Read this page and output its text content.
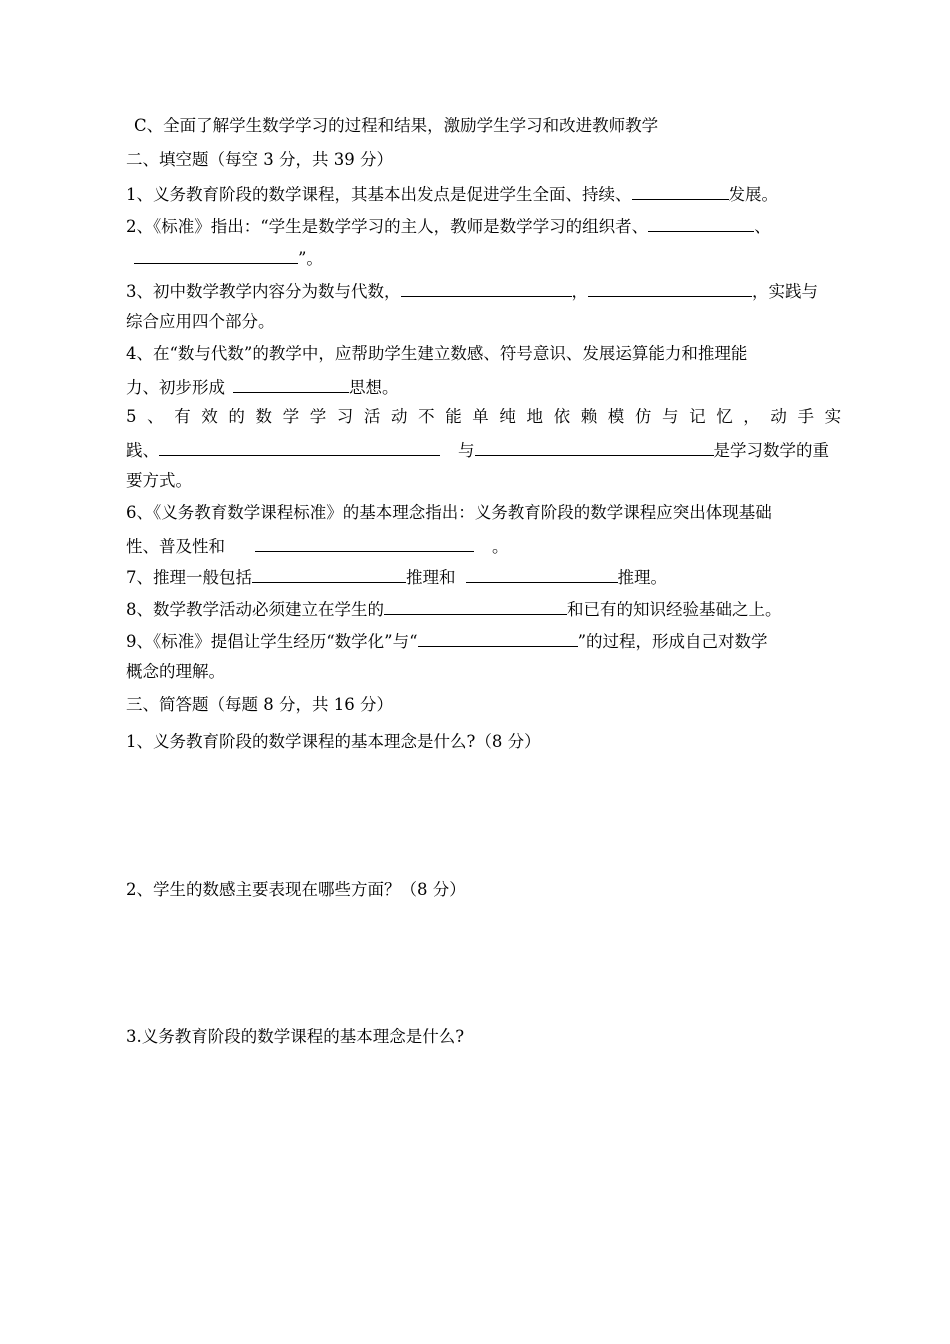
C、全面了解学生数学学习的过程和结果，激励学生学习和改进教师教学
二、填空题（每空 3 分，共 39 分）
1、义务教育阶段的数学课程，其基本出发点是促进学生全面、持续、	发展。
2、《标准》指出：“学生是数学学习的主人，教师是数学学习的组织者、	、
”。
3、初中数学教学内容分为数与代数，	，	，实践与
综合应用四个部分。
4、在“数与代数”的教学中，应帮助学生建立数感、符号意识、发展运算能力和推理能
力、初步形成	思想。
5、有效的数学学习活动不能单纯地依赖模仿与记忆，动手实
践、	与	是学习数学的重
要方式。
6、《义务教育数学课程标准》的基本理念指出：义务教育阶段的数学课程应突出体现基础
性、普及性和	。
7、推理一般包括	推理和	推理。
8、数学教学活动必须建立在学生的	和已有的知识经验基础之上。
9、《标准》提倡让学生经历“数学化”与“	”的过程，形成自己对数学
概念的理解。
三、简答题（每题 8 分，共 16 分）
1、义务教育阶段的数学课程的基本理念是什么?（8 分）
2、学生的数感主要表现在哪些方面？（8 分）
3.义务教育阶段的数学课程的基本理念是什么?
